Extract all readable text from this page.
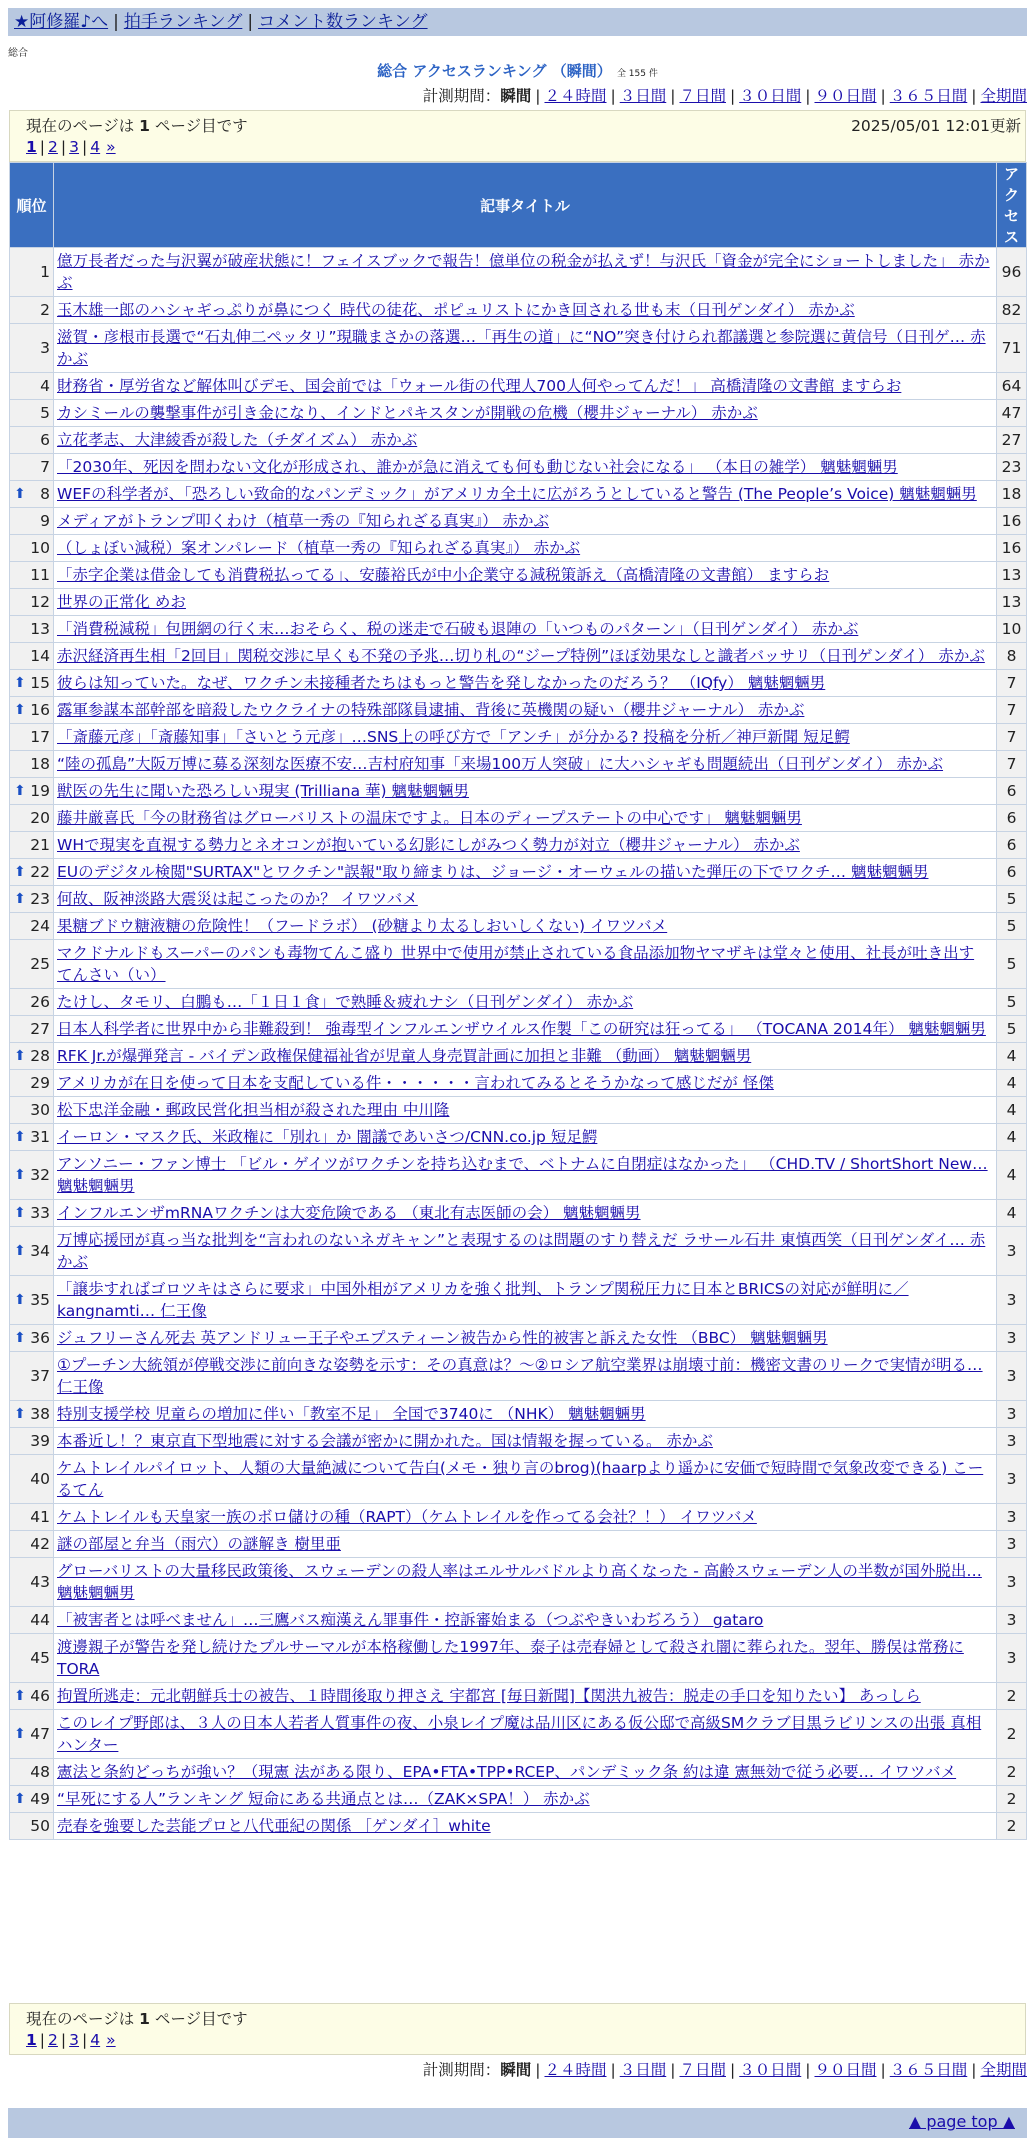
★阿修羅♪へ | 拍手ランキング | コメント数ランキング
総合
総合 アクセスランキング （瞬間） 全 155 件
計測期間：瞬間 | ２４時間 | ３日間 | ７日間 | ３０日間 | ９０日間 | ３６５日間 | 全期間
現在のページは 1 ページ目です	2025/05/01 12:01更新
1 | 2 | 3 | 4 »
順位	記事タイトル	アクセス
1	億万長者だった与沢翼が破産状態に！フェイスブックで報告！億単位の税金が払えず！与沢氏「資金が完全にショートしました」 赤かぶ	96
2	玉木雄一郎のハシャギっぷりが鼻につく 時代の徒花、ポピュリストにかき回される世も末（日刊ゲンダイ） 赤かぶ	82
3	滋賀・彦根市長選で“石丸伸二ペッタリ”現職まさかの落選…「再生の道」に“NO”突き付けられ都議選と参院選に黄信号（日刊ゲ… 赤かぶ	71
4	財務省・厚労省など解体叫びデモ、国会前では「ウォール街の代理人700人何やってんだ！」 高橋清隆の文書館 ますらお	64
5	カシミールの襲撃事件が引き金になり、インドとパキスタンが開戦の危機（櫻井ジャーナル） 赤かぶ	47
6	立花孝志、大津綾香が殺した（チダイズム） 赤かぶ	27
7	「2030年、死因を問わない文化が形成され、誰かが急に消えても何も動じない社会になる」 （本日の雑学） 魑魅魍魎男	23

⬆ 8	WEFの科学者が、「恐ろしい致命的なパンデミック」がアメリカ全土に広がろうとしていると警告 (The People’s Voice) 魑魅魍魎男	18
9	メディアがトランプ叩くわけ（植草一秀の『知られざる真実』） 赤かぶ	16
10	（しょぼい減税）案オンパレード（植草一秀の『知られざる真実』） 赤かぶ	16
11	「赤字企業は借金しても消費税払ってる」、安藤裕氏が中小企業守る減税策訴え（高橋清隆の文書館） ますらお	13
12	世界の正常化 めお	13
13	「消費税減税」包囲網の行く末…おそらく、税の迷走で石破も退陣の「いつものパターン」（日刊ゲンダイ） 赤かぶ	10
14	赤沢経済再生相「2回目」関税交渉に早くも不発の予兆…切り札の“ジープ特例”ほぼ効果なしと識者バッサリ（日刊ゲンダイ） 赤かぶ	8

⬆ 15	彼らは知っていた。なぜ、ワクチン未接種者たちはもっと警告を発しなかったのだろう？ （IQfy） 魑魅魍魎男	7

⬆ 16	露軍参謀本部幹部を暗殺したウクライナの特殊部隊員逮捕、背後に英機関の疑い（櫻井ジャーナル） 赤かぶ	7
17	「斎藤元彦」「斎藤知事」「さいとう元彦」…SNS上の呼び方で「アンチ」が分かる? 投稿を分析／神戸新聞 短足鰐	7
18	“陸の孤島”大阪万博に募る深刻な医療不安…吉村府知事「来場100万人突破」に大ハシャギも問題続出（日刊ゲンダイ） 赤かぶ	7

⬆ 19	獣医の先生に聞いた恐ろしい現実 (Trilliana 華) 魑魅魍魎男	6
20	藤井厳喜氏「今の財務省はグローバリストの温床ですよ。日本のディープステートの中心です」 魑魅魍魎男	6
21	WHで現実を直視する勢力とネオコンが抱いている幻影にしがみつく勢力が対立（櫻井ジャーナル） 赤かぶ	6

⬆ 22	EUのデジタル検閲"SURTAX"とワクチン"誤報"取り締まりは、ジョージ・オーウェルの描いた弾圧の下でワクチ… 魑魅魍魎男	6

⬆ 23	何故、阪神淡路大震災は起こったのか？ イワツバメ	5
24	果糖ブドウ糖液糖の危険性！（フードラボ） (砂糖より太るしおいしくない) イワツバメ	5
25	マクドナルドもスーパーのパンも毒物てんこ盛り 世界中で使用が禁止されている食品添加物ヤマザキは堂々と使用、社長が吐き出す てんさい（い）	5
26	たけし、タモリ、白鵬も…「１日１食」で熟睡＆疲れナシ（日刊ゲンダイ） 赤かぶ	5
27	日本人科学者に世界中から非難殺到！ 強毒型インフルエンザウイルス作製「この研究は狂ってる」 （TOCANA 2014年） 魑魅魍魎男	5

⬆ 28	RFK Jr.が爆弾発言 - バイデン政権保健福祉省が児童人身売買計画に加担と非難 （動画） 魑魅魍魎男	4
29	アメリカが在日を使って日本を支配している件・・・・・・言われてみるとそうかなって感じだが 怪傑	4
30	松下忠洋金融・郵政民営化担当相が殺された理由 中川隆	4

⬆ 31	イーロン・マスク氏、米政権に「別れ」か 闇議であいさつ/CNN.co.jp 短足鰐	4

⬆ 32	アンソニー・ファン博士 「ビル・ゲイツがワクチンを持ち込むまで、ベトナムに自閉症はなかった」 （CHD.TV / ShortShort New… 魑魅魍魎男	4

⬆ 33	インフルエンザmRNAワクチンは大変危険である （東北有志医師の会） 魑魅魍魎男	4

⬆ 34	万博応援団が真っ当な批判を“言われのないネガキャン”と表現するのは問題のすり替えだ ラサール石井 東慎西笑（日刊ゲンダイ… 赤かぶ	3

⬆ 35	「譲歩すればゴロツキはさらに要求」中国外相がアメリカを強く批判、トランプ関税圧力に日本とBRICSの対応が鮮明に／kangnamti… 仁王像	3

⬆ 36	ジュフリーさん死去 英アンドリュー王子やエプスティーン被告から性的被害と訴えた女性 （BBC） 魑魅魍魎男	3
37	①プーチン大統領が停戦交渉に前向きな姿勢を示す：その真意は？～②ロシア航空業界は崩壊寸前：機密文書のリークで実情が明る… 仁王像	3

⬆ 38	特別支援学校 児童らの増加に伴い「教室不足」 全国で3740に （NHK） 魑魅魍魎男	3
39	本番近し！？東京直下型地震に対する会議が密かに開かれた。国は情報を握っている。 赤かぶ	3
40	ケムトレイルパイロット、人類の大量絶滅について告白(メモ・独り言のbrog)(haarpより遥かに安価で短時間で気象改変できる) こーるてん	3
41	ケムトレイルも天皇家一族のボロ儲けの種（RAPT）（ケムトレイルを作ってる会社？！） イワツバメ	3
42	謎の部屋と弁当（雨穴）の謎解き 樹里亜	3
43	グローバリストの大量移民政策後、スウェーデンの殺人率はエルサルバドルより高くなった - 高齢スウェーデン人の半数が国外脱出… 魑魅魍魎男	3
44	「被害者とは呼べません」…三鷹バス痴漢えん罪事件・控訴審始まる（つぶやきいわぢろう） gataro	3
45	渡邊親子が警告を発し続けたプルサーマルが本格稼働した1997年、泰子は売春婦として殺され闇に葬られた。翌年、勝俣は常務に TORA	3

⬆ 46	拘置所逃走：元北朝鮮兵士の被告、１時間後取り押さえ 宇都宮 [毎日新聞]【関洪九被告：脱走の手口を知りたい】 あっしら	2

⬆ 47	このレイプ野郎は、３人の日本人若者人質事件の夜、小泉レイプ魔は品川区にある仮公邸で高級SMクラブ目黒ラビリンスの出張 真相ハンター	2
48	憲法と条約どっちが強い？（現憲 法がある限り、EPA•FTA•TPP•RCEP、パンデミック条 約は違 憲無効で従う必要… イワツバメ	2

⬆ 49	“早死にする人”ランキング 短命にある共通点とは…（ZAK×SPA！） 赤かぶ	2
50	売春を強要した芸能プロと八代亜紀の関係 ［ゲンダイ］white	2
現在のページは 1 ページ目です
1 | 2 | 3 | 4 »
計測期間：瞬間 | ２４時間 | ３日間 | ７日間 | ３０日間 | ９０日間 | ３６５日間 | 全期間
▲ page top ▲
